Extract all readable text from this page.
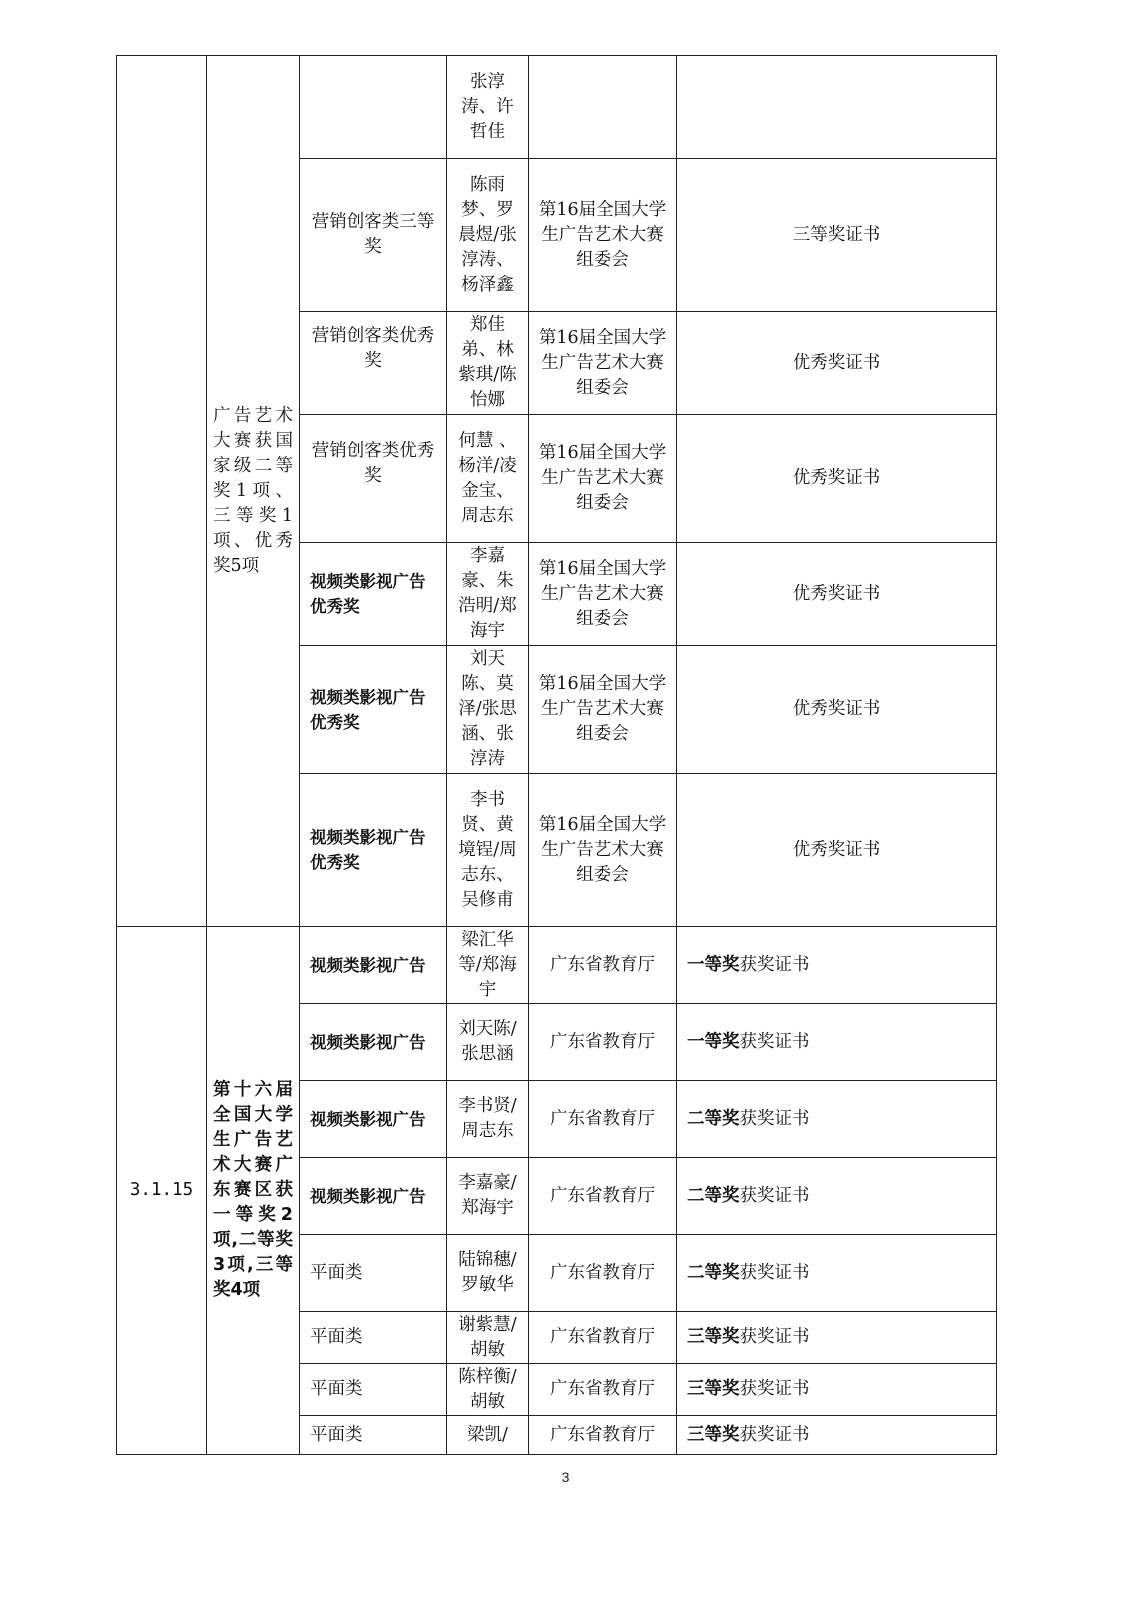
	广告艺术大赛获国家级二等奖1项、三等奖1项、优秀奖5项		张淳涛、许哲佳		
		营销创客类三等奖	陈雨梦、罗晨煜/张淳涛、杨泽鑫	第16届全国大学生广告艺术大赛组委会	三等奖证书
		营销创客类优秀奖	郑佳弟、林紫琪/陈怡娜	第16届全国大学生广告艺术大赛组委会	优秀奖证书
		营销创客类优秀奖	何慧 、杨洋/凌金宝、周志东	第16届全国大学生广告艺术大赛组委会	优秀奖证书
		视频类影视广告优秀奖	李嘉豪、朱浩明/郑海宇	第16届全国大学生广告艺术大赛组委会	优秀奖证书
		视频类影视广告优秀奖	刘天陈、莫泽/张思涵、张淳涛	第16届全国大学生广告艺术大赛组委会	优秀奖证书
		视频类影视广告优秀奖	李书贤、黄境锃/周志东、吴修甫	第16届全国大学生广告艺术大赛组委会	优秀奖证书
3.1.15	第十六届全国大学生广告艺术大赛广东赛区获一等奖2项,二等奖3项,三等奖4项	视频类影视广告	梁汇华等/郑海宇	广东省教育厅	一等奖获奖证书
		视频类影视广告	刘天陈/张思涵	广东省教育厅	一等奖获奖证书
		视频类影视广告	李书贤/周志东	广东省教育厅	二等奖获奖证书
		视频类影视广告	李嘉豪/郑海宇	广东省教育厅	二等奖获奖证书
		平面类	陆锦穗/罗敏华	广东省教育厅	二等奖获奖证书
		平面类	谢紫慧/胡敏	广东省教育厅	三等奖获奖证书
		平面类	陈梓衡/胡敏	广东省教育厅	三等奖获奖证书
		平面类	梁凯/	广东省教育厅	三等奖获奖证书
3
